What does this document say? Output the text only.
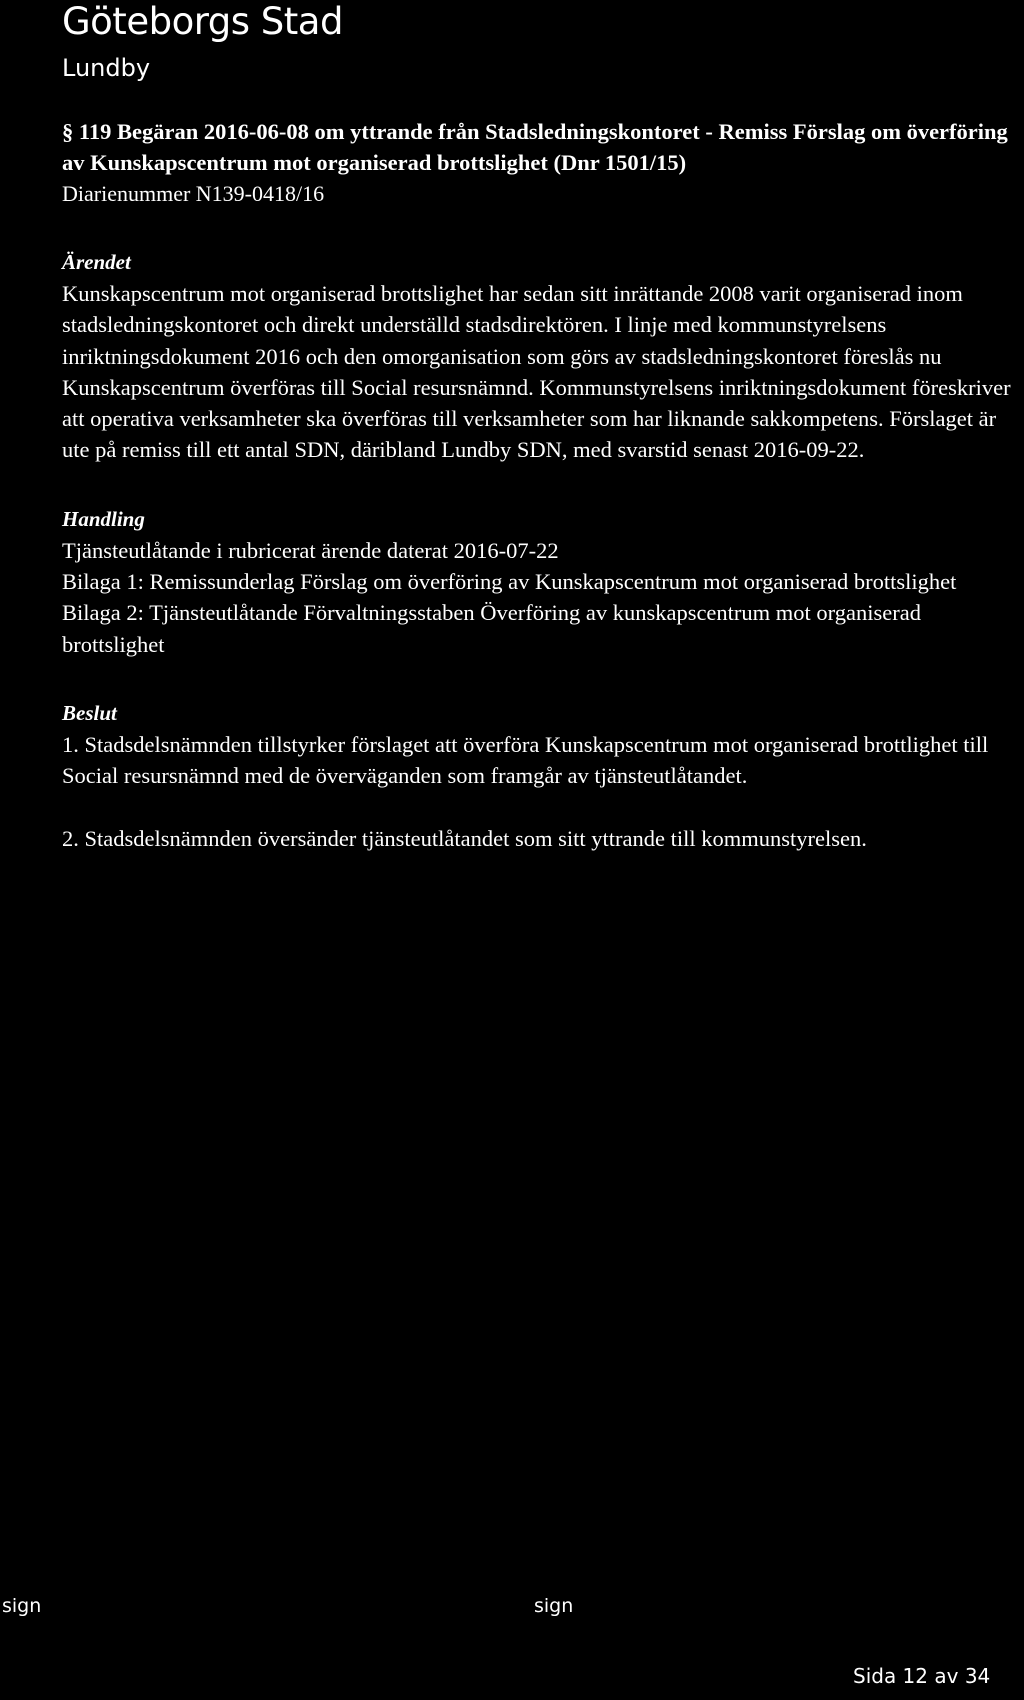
Göteborgs Stad
Lundby
§ 119 Begäran 2016-06-08 om yttrande från Stadsledningskontoret - Remiss Förslag om överföring av Kunskapscentrum mot organiserad brottslighet (Dnr 1501/15)
Diarienummer N139-0418/16
Ärendet

Kunskapscentrum mot organiserad brottslighet har sedan sitt inrättande 2008 varit organiserad inom stadsledningskontoret och direkt underställd stadsdirektören. I linje med kommunstyrelsens inriktningsdokument 2016 och den omorganisation som görs av stadsledningskontoret föreslås nu Kunskapscentrum överföras till Social resursnämnd. Kommunstyrelsens inriktningsdokument föreskriver att operativa verksamheter ska överföras till verksamheter som har liknande sakkompetens. Förslaget är ute på remiss till ett antal SDN, däribland Lundby SDN, med svarstid senast 2016-09-22.

Handling
Tjänsteutlåtande i rubricerat ärende daterat 2016-07-22
Bilaga 1: Remissunderlag Förslag om överföring av Kunskapscentrum mot organiserad brottslighet
Bilaga 2: Tjänsteutlåtande Förvaltningsstaben Överföring av kunskapscentrum mot organiserad brottslighet
Beslut
1. Stadsdelsnämnden tillstyrker förslaget att överföra Kunskapscentrum mot organiserad brottlighet till Social resursnämnd med de överväganden som framgår av tjänsteutlåtandet.
2. Stadsdelsnämnden översänder tjänsteutlåtandet som sitt yttrande till kommunstyrelsen.
sign	sign
Sida 12 av 34
